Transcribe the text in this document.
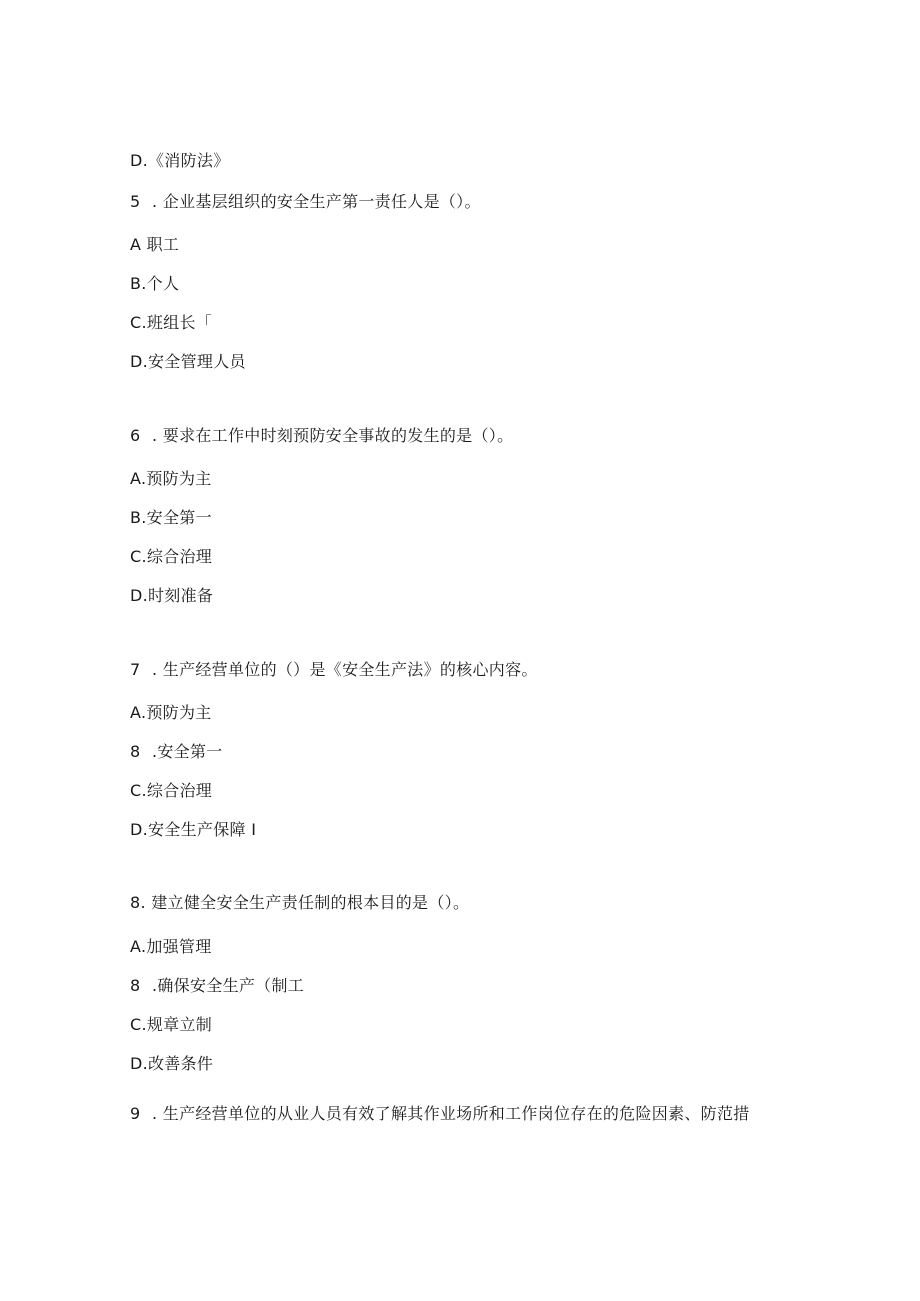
D.《消防法》
5 . 企业基层组织的安全生产第一责任人是（）。
A 职工
B.个人
C.班组长「
D.安全管理人员
6 . 要求在工作中时刻预防安全事故的发生的是（）。
A.预防为主
B.安全第一
C.综合治理
D.时刻准备
7 . 生产经营单位的（）是《安全生产法》的核心内容。
A.预防为主
8 .安全第一
C.综合治理
D.安全生产保障 I
8. 建立健全安全生产责任制的根本目的是（）。
A.加强管理
8 .确保安全生产（制工
C.规章立制
D.改善条件
9 . 生产经营单位的从业人员有效了解其作业场所和工作岗位存在的危险因素、防范措
